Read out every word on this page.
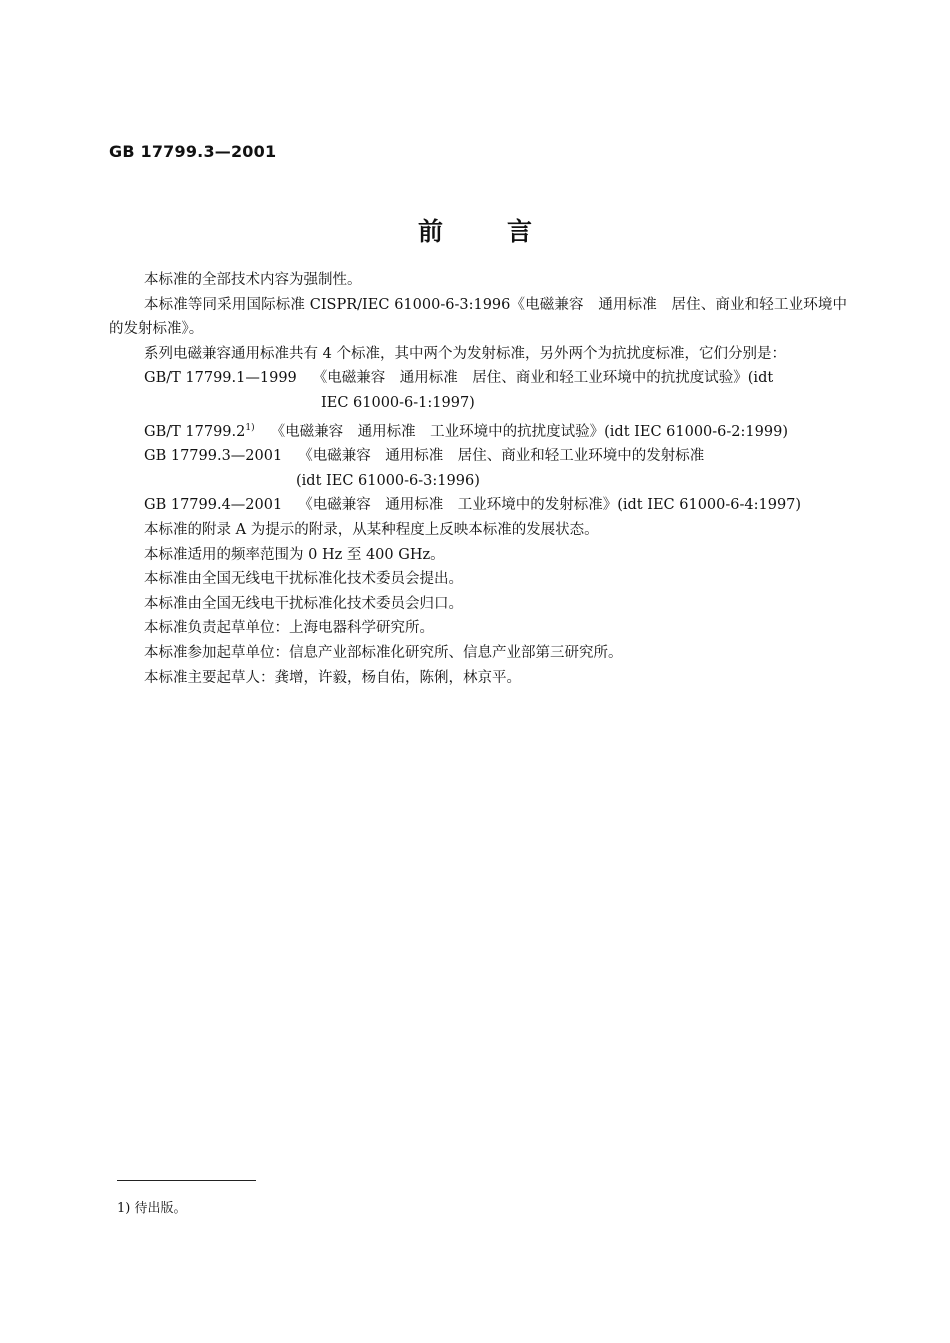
GB 17799.3—2001
前言

本标准的全部技术内容为强制性。

本标准等同采用国际标准 CISPR/IEC 61000-6-3:1996《电磁兼容　通用标准　居住、商业和轻工业环境中的发射标准》。

系列电磁兼容通用标准共有 4 个标准，其中两个为发射标准，另外两个为抗扰度标准，它们分别是：

GB/T 17799.1—1999 《电磁兼容　通用标准　居住、商业和轻工业环境中的抗扰度试验》(idt
IEC 61000-6-1:1997)
GB/T 17799.2$^{1)}$ 《电磁兼容　通用标准　工业环境中的抗扰度试验》(idt IEC 61000-6-2:1999)
GB 17799.3—2001 《电磁兼容　通用标准　居住、商业和轻工业环境中的发射标准
(idt IEC 61000-6-3:1996)
GB 17799.4—2001 《电磁兼容　通用标准　工业环境中的发射标准》(idt IEC 61000-6-4:1997)

本标准的附录 A 为提示的附录，从某种程度上反映本标准的发展状态。

本标准适用的频率范围为 0 Hz 至 400 GHz。

本标准由全国无线电干扰标准化技术委员会提出。

本标准由全国无线电干扰标准化技术委员会归口。

本标准负责起草单位：上海电器科学研究所。

本标准参加起草单位：信息产业部标准化研究所、信息产业部第三研究所。

本标准主要起草人：龚增，许毅，杨自佑，陈俐，林京平。

1) 待出版。
